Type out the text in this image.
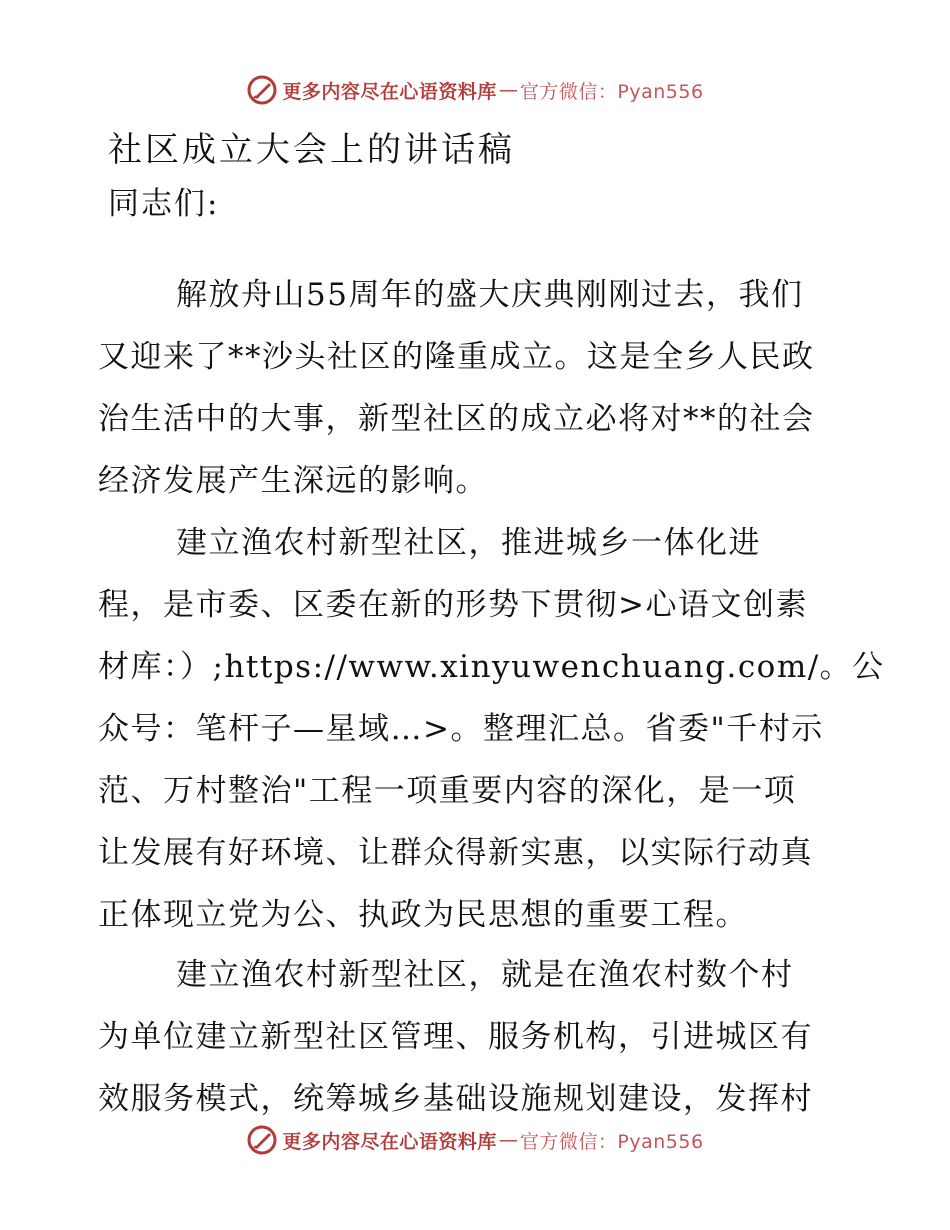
更多内容尽在心语资料库 — 官方微信：Pyan556
社区成立大会上的讲话稿
同志们:
解放舟山55周年的盛大庆典刚刚过去，我们
又迎来了**沙头社区的隆重成立。这是全乡人民政
治生活中的大事，新型社区的成立必将对**的社会
经济发展产生深远的影响。
建立渔农村新型社区，推进城乡一体化进
程，是市委、区委在新的形势下贯彻>心语文创素
材库：）;https://www.xinyuwenchuang.com/。公
众号：笔杆子—星域…>。整理汇总。省委"千村示
范、万村整治"工程一项重要内容的深化，是一项
让发展有好环境、让群众得新实惠，以实际行动真
正体现立党为公、执政为民思想的重要工程。
建立渔农村新型社区，就是在渔农村数个村
为单位建立新型社区管理、服务机构，引进城区有
效服务模式，统筹城乡基础设施规划建设，发挥村
更多内容尽在心语资料库 — 官方微信：Pyan556
